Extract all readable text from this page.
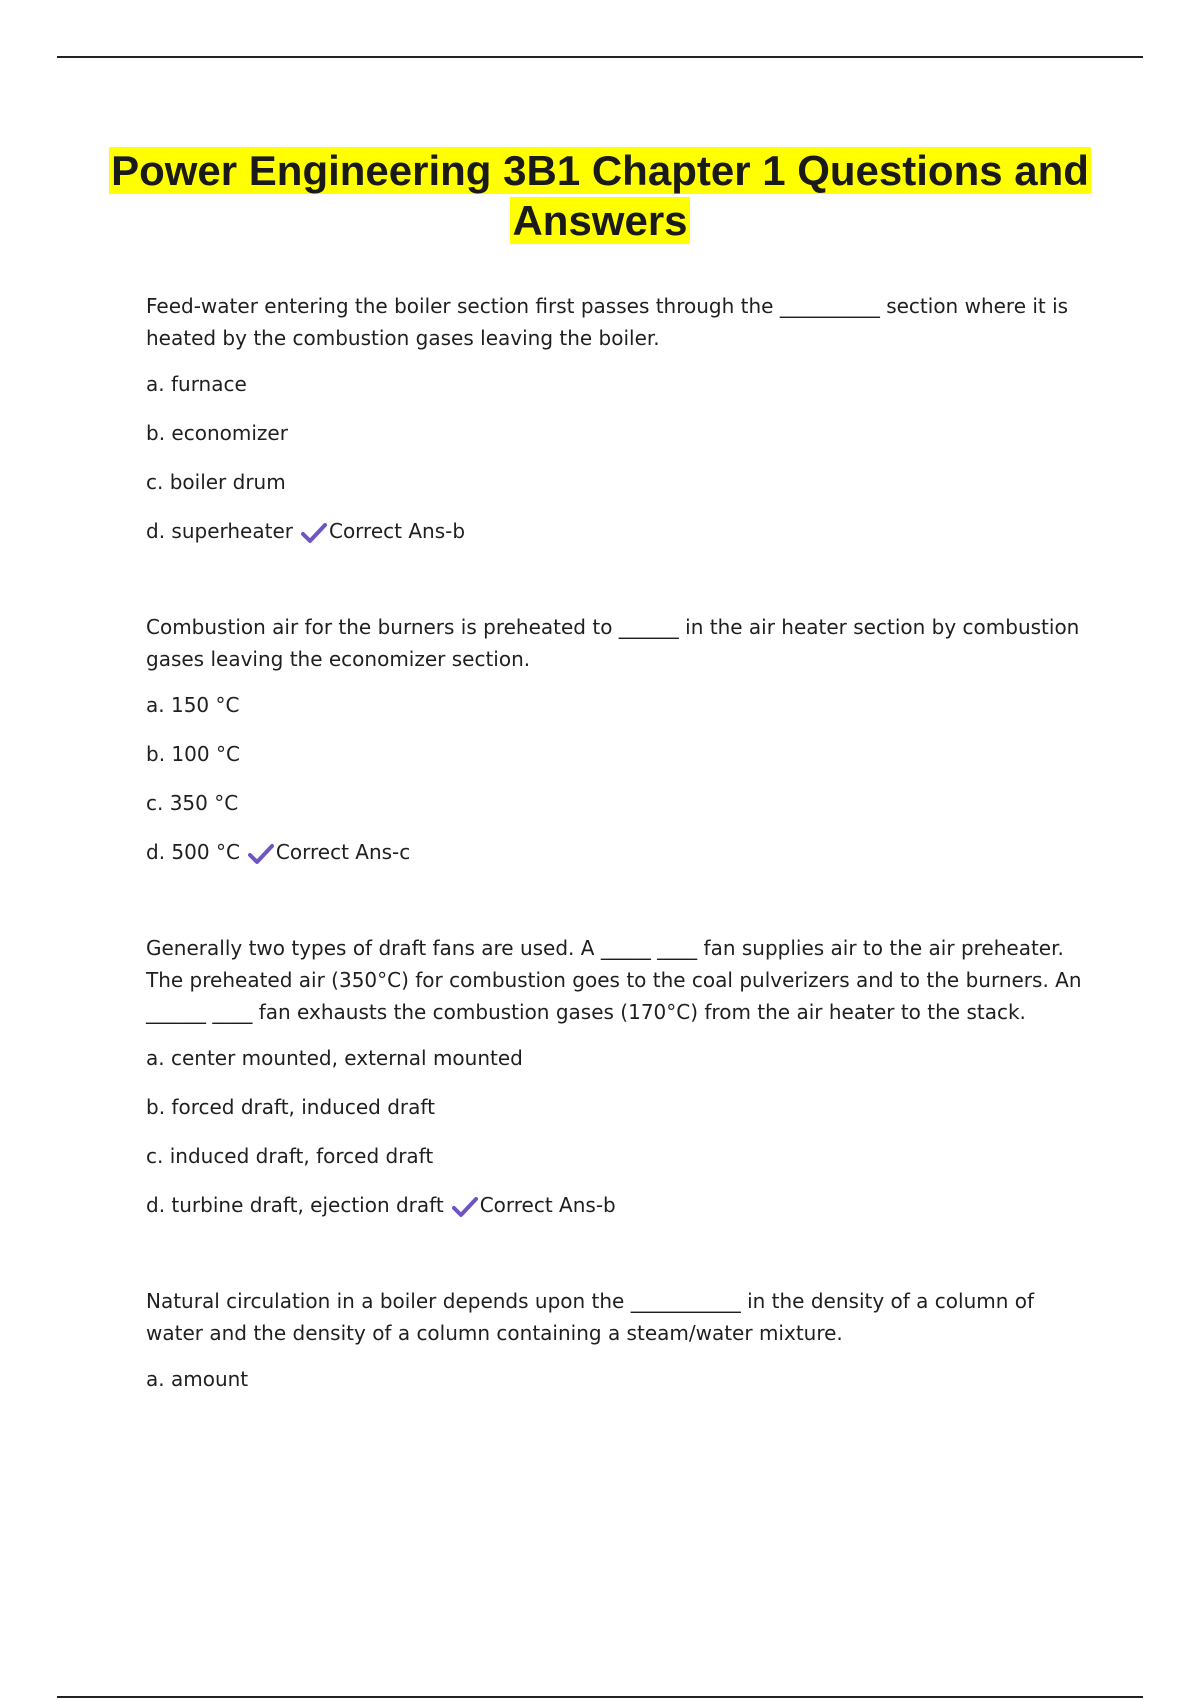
Power Engineering 3B1 Chapter 1 Questions and Answers

Feed-water entering the boiler section first passes through the __________ section where it is heated by the combustion gases leaving the boiler.

a. furnace
b. economizer
c. boiler drum
d. superheater Correct Ans-b

Combustion air for the burners is preheated to ______ in the air heater section by combustion gases leaving the economizer section.

a. 150 °C
b. 100 °C
c. 350 °C
d. 500 °C Correct Ans-c

Generally two types of draft fans are used. A _____ ____ fan supplies air to the air preheater. The preheated air (350°C) for combustion goes to the coal pulverizers and to the burners. An ______ ____ fan exhausts the combustion gases (170°C) from the air heater to the stack.

a. center mounted, external mounted
b. forced draft, induced draft
c. induced draft, forced draft
d. turbine draft, ejection draft Correct Ans-b

Natural circulation in a boiler depends upon the ___________ in the density of a column of water and the density of a column containing a steam/water mixture.

a. amount
